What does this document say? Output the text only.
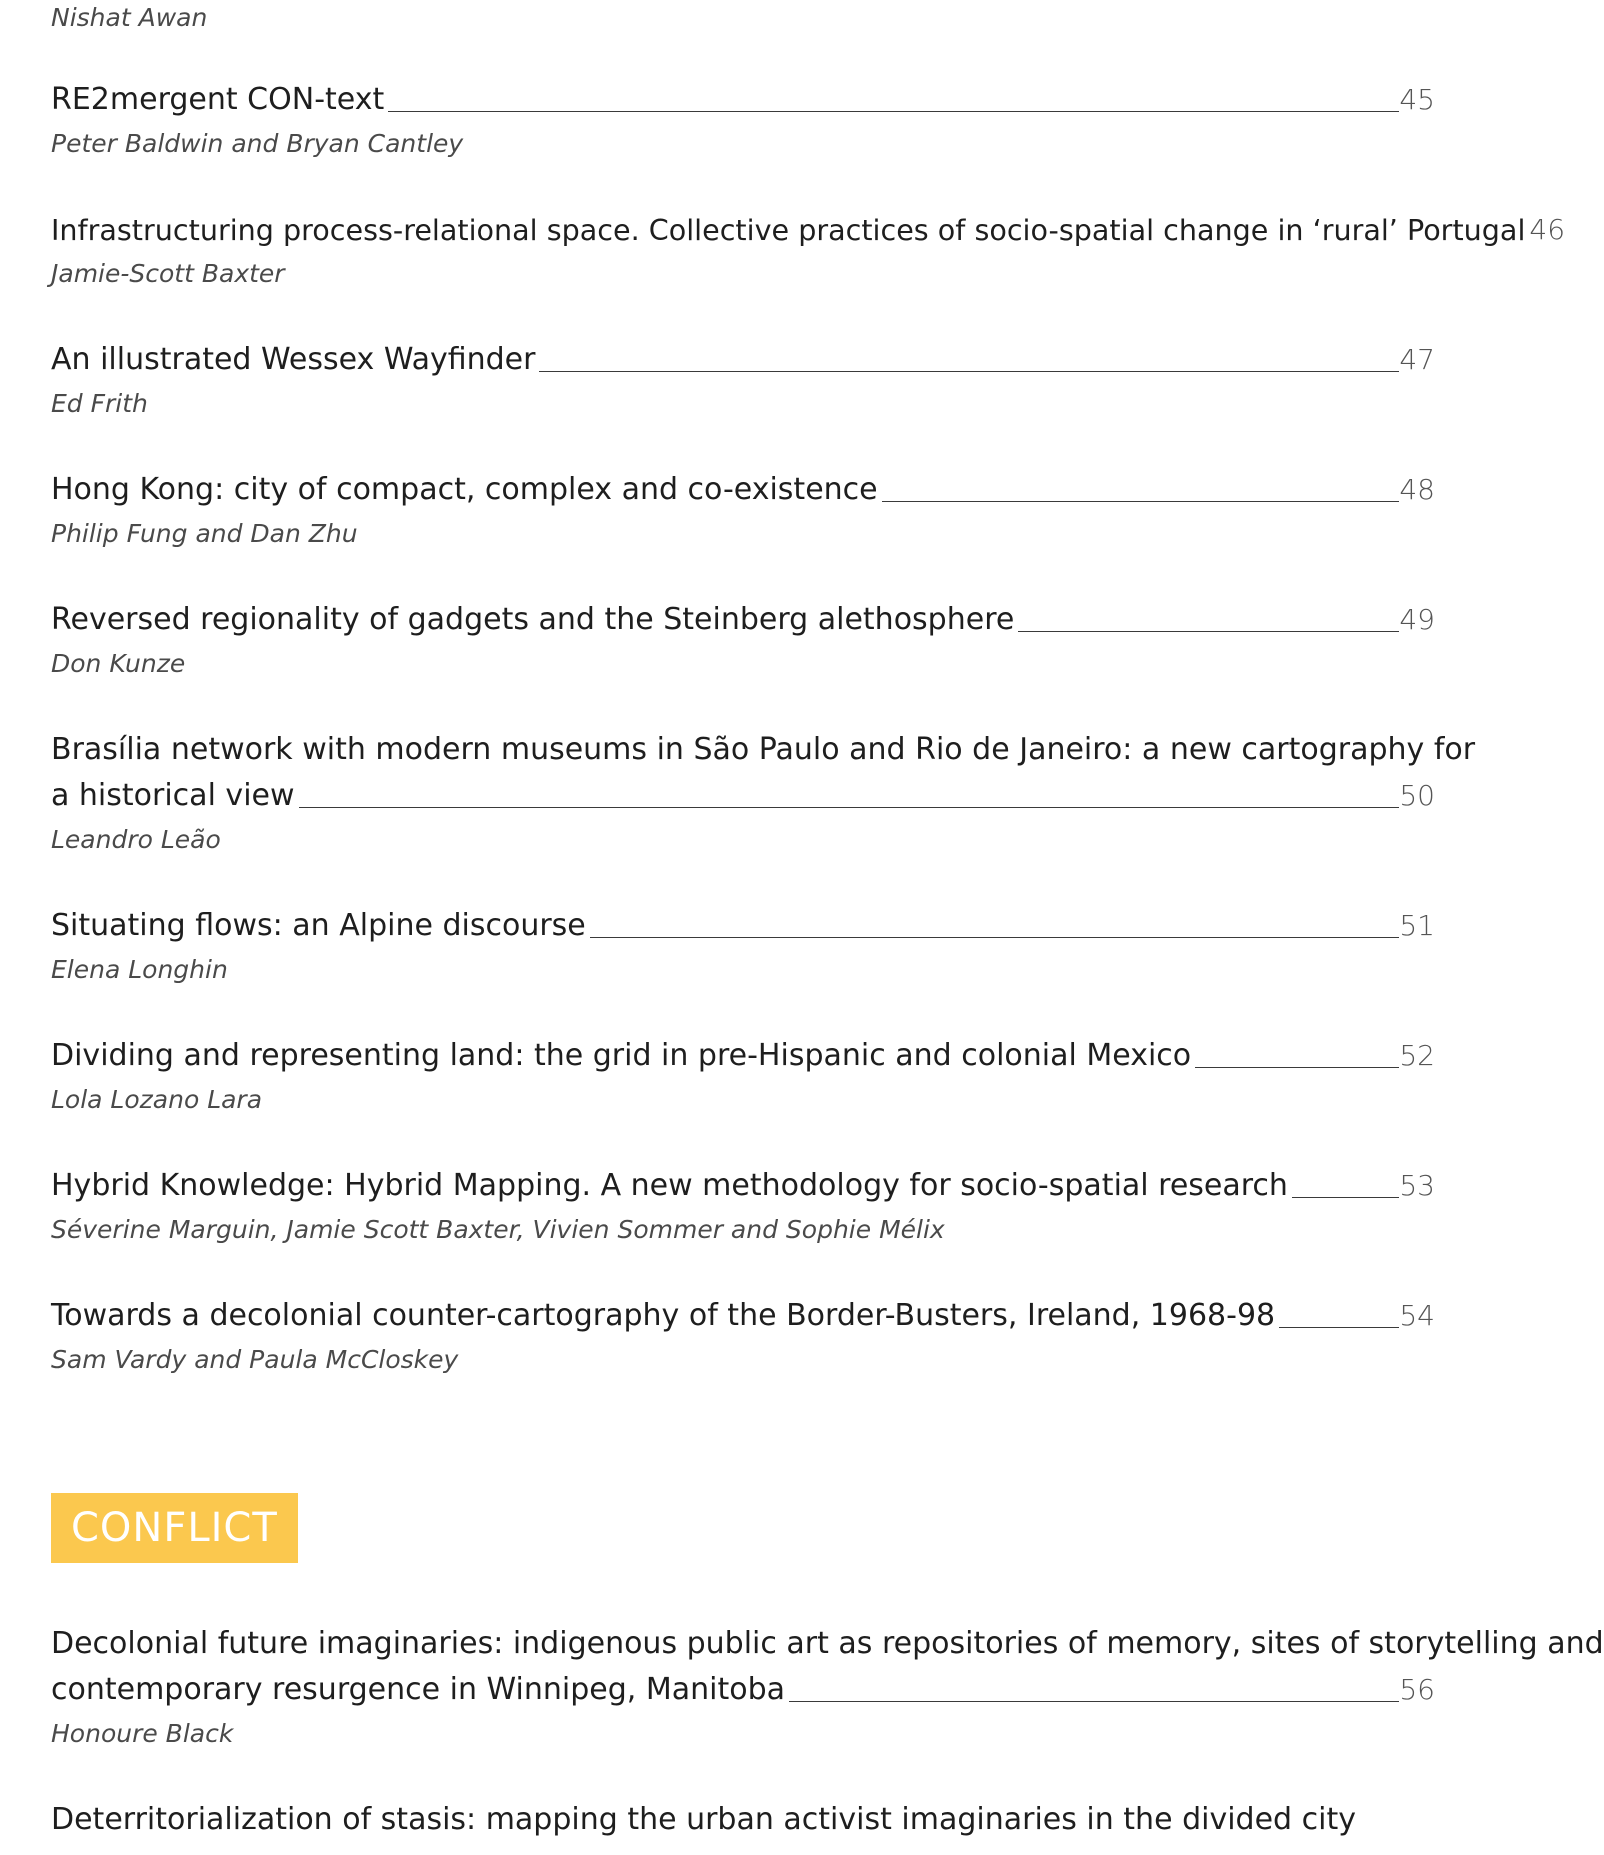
Nishat Awan
RE2mergent CON-text	45
Peter Baldwin and Bryan Cantley
Infrastructuring process-relational space. Collective practices of socio-spatial change in ‘rural’ Portugal 46
Jamie-Scott Baxter
An illustrated Wessex Wayfinder	47
Ed Frith
Hong Kong: city of compact, complex and co-existence	48
Philip Fung and Dan Zhu
Reversed regionality of gadgets and the Steinberg alethosphere	49
Don Kunze
Brasília network with modern museums in São Paulo and Rio de Janeiro: a new cartography for
a historical view	50
Leandro Leão
Situating flows: an Alpine discourse	51
Elena Longhin
Dividing and representing land: the grid in pre-Hispanic and colonial Mexico	52
Lola Lozano Lara
Hybrid Knowledge: Hybrid Mapping. A new methodology for socio-spatial research	53
Séverine Marguin, Jamie Scott Baxter, Vivien Sommer and Sophie Mélix
Towards a decolonial counter-cartography of the Border-Busters, Ireland, 1968-98	54
Sam Vardy and Paula McCloskey
CONFLICT
Decolonial future imaginaries: indigenous public art as repositories of memory, sites of storytelling and
contemporary resurgence in Winnipeg, Manitoba	56
Honoure Black
Deterritorialization of stasis: mapping the urban activist imaginaries in the divided city
